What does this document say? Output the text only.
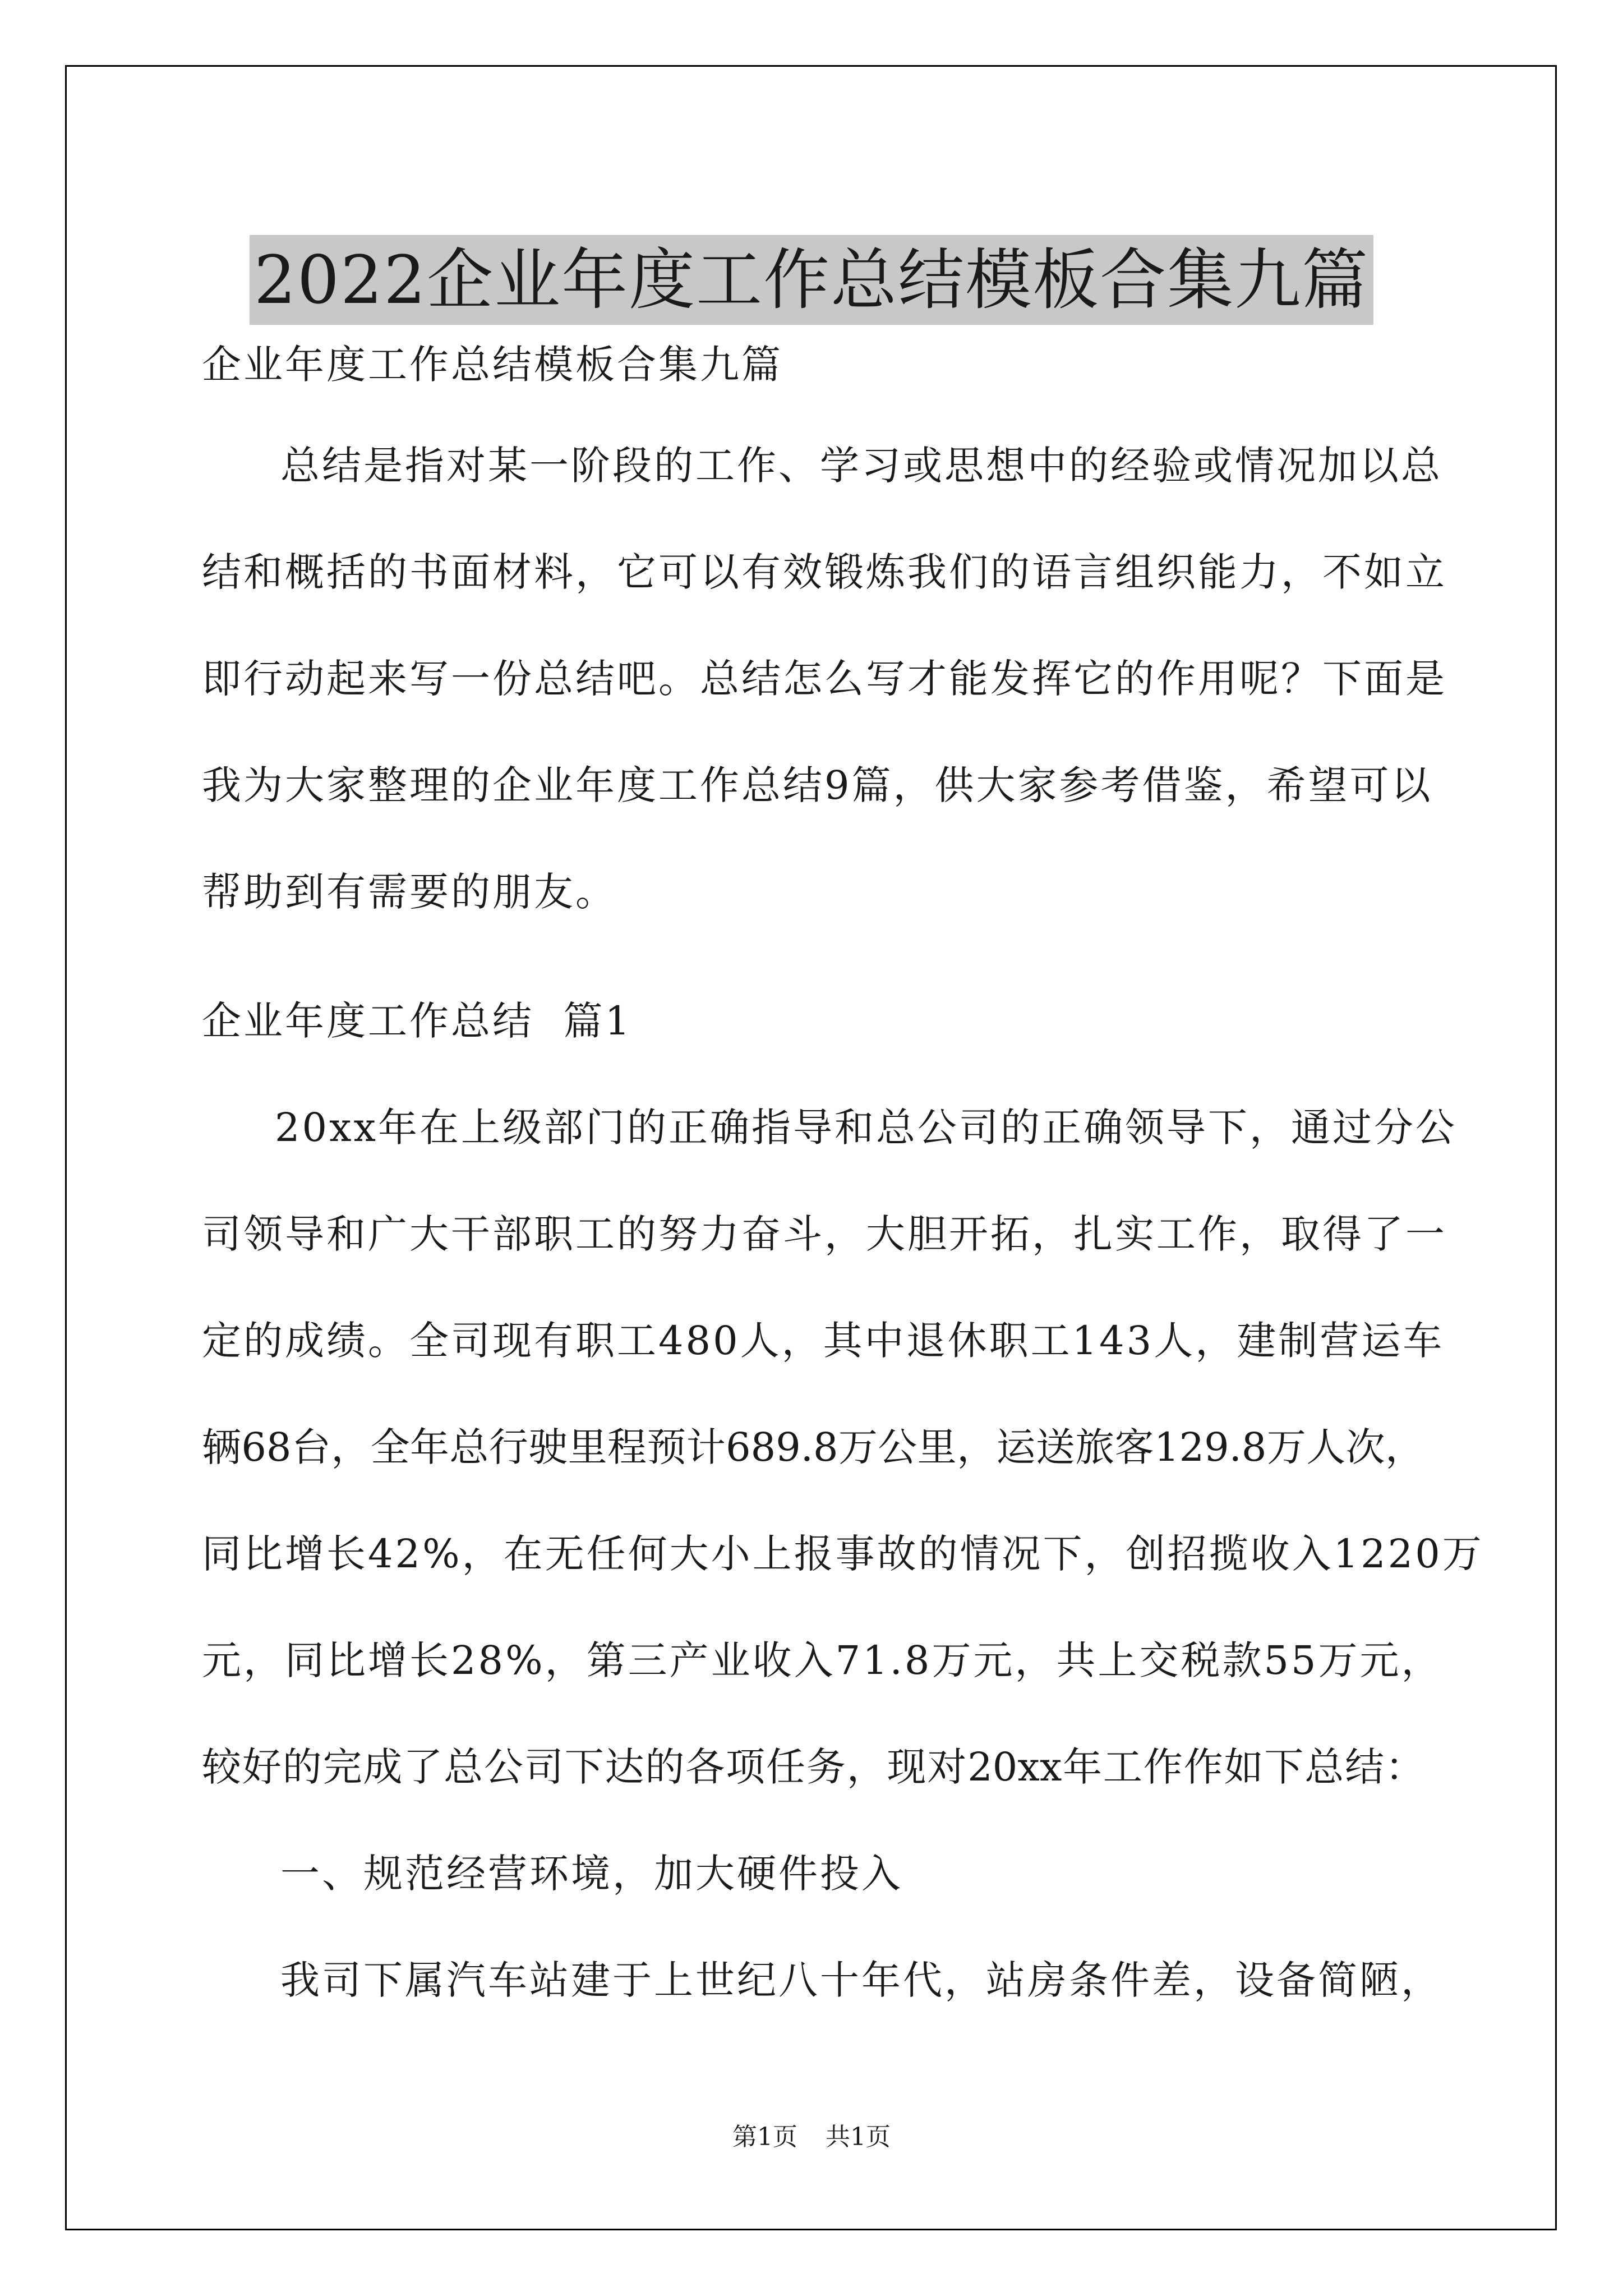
2022企业年度工作总结模板合集九篇
企业年度工作总结模板合集九篇
总结是指对某一阶段的工作、学习或思想中的经验或情况加以总
结和概括的书面材料，它可以有效锻炼我们的语言组织能力，不如立
即行动起来写一份总结吧。总结怎么写才能发挥它的作用呢？下面是
我为大家整理的企业年度工作总结9篇，供大家参考借鉴，希望可以
帮助到有需要的朋友。
企业年度工作总结  篇1
20xx年在上级部门的正确指导和总公司的正确领导下，通过分公
司领导和广大干部职工的努力奋斗，大胆开拓，扎实工作，取得了一
定的成绩。全司现有职工480人，其中退休职工143人，建制营运车
辆68台，全年总行驶里程预计689.8万公里，运送旅客129.8万人次，
同比增长42%，在无任何大小上报事故的情况下，创招揽收入1220万
元，同比增长28%，第三产业收入71.8万元，共上交税款55万元，
较好的完成了总公司下达的各项任务，现对20xx年工作作如下总结：
一、规范经营环境，加大硬件投入
我司下属汽车站建于上世纪八十年代，站房条件差，设备简陋，
第1页 共1页
